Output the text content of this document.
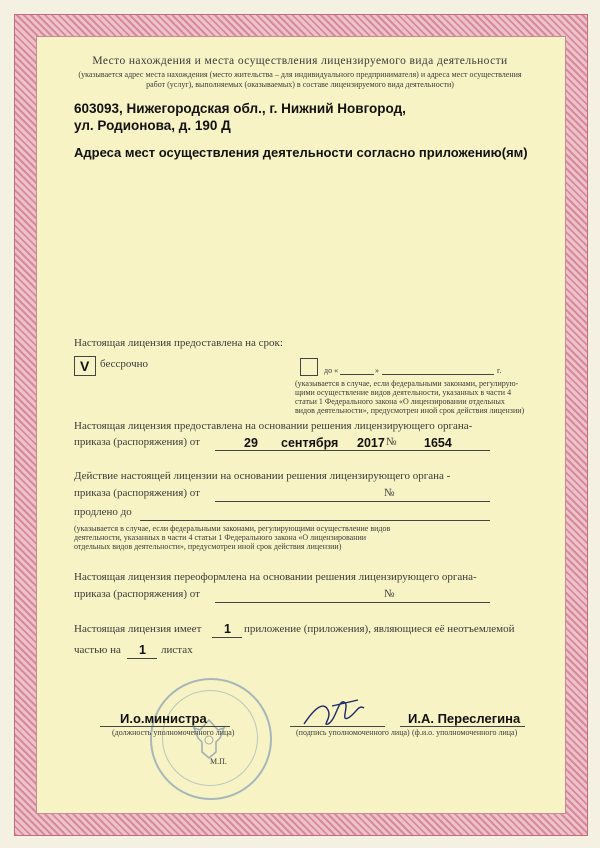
Место нахождения и места осуществления лицензируемого вида деятельности
(указывается адрес места нахождения (место жительства – для индивидуального предпринимателя) и адреса мест осуществления
работ (услуг), выполняемых (оказываемых) в составе лицензируемого вида деятельности)
603093, Нижегородская обл., г. Нижний Новгород,
ул. Родионова, д. 190 Д
Адреса мест осуществления деятельности согласно приложению(ям)
Настоящая лицензия предоставлена на срок:
V бессрочно
до «	»	г.
(указывается в случае, если федеральными законами, регулирую-
щими осуществление видов деятельности, указанных в части 4
статьи 1 Федерального закона «О лицензировании отдельных
видов деятельности», предусмотрен иной срок действия лицензии)
Настоящая лицензия предоставлена на основании решения лицензирующего органа-
приказа (распоряжения) от	29 сентября 2017 № 1654
Действие настоящей лицензии на основании решения лицензирующего органа -
приказа (распоряжения) от	№
продлено до
(указывается в случае, если федеральными законами, регулирующими осуществление видов
деятельности, указанных в части 4 статьи 1 Федерального закона «О лицензировании
отдельных видов деятельности», предусмотрен иной срок действия лицензии)
Настоящая лицензия переоформлена на основании решения лицензирующего органа-
приказа (распоряжения) от	№
Настоящая лицензия имеет 1 приложение (приложения), являющиеся её неотъемлемой
частью на 1 листах
И.о.министра
(должность уполномоченного лица)	(подпись уполномоченного лица)
И.А. Переслегина
(ф.и.о. уполномоченного лица)
М.П.
